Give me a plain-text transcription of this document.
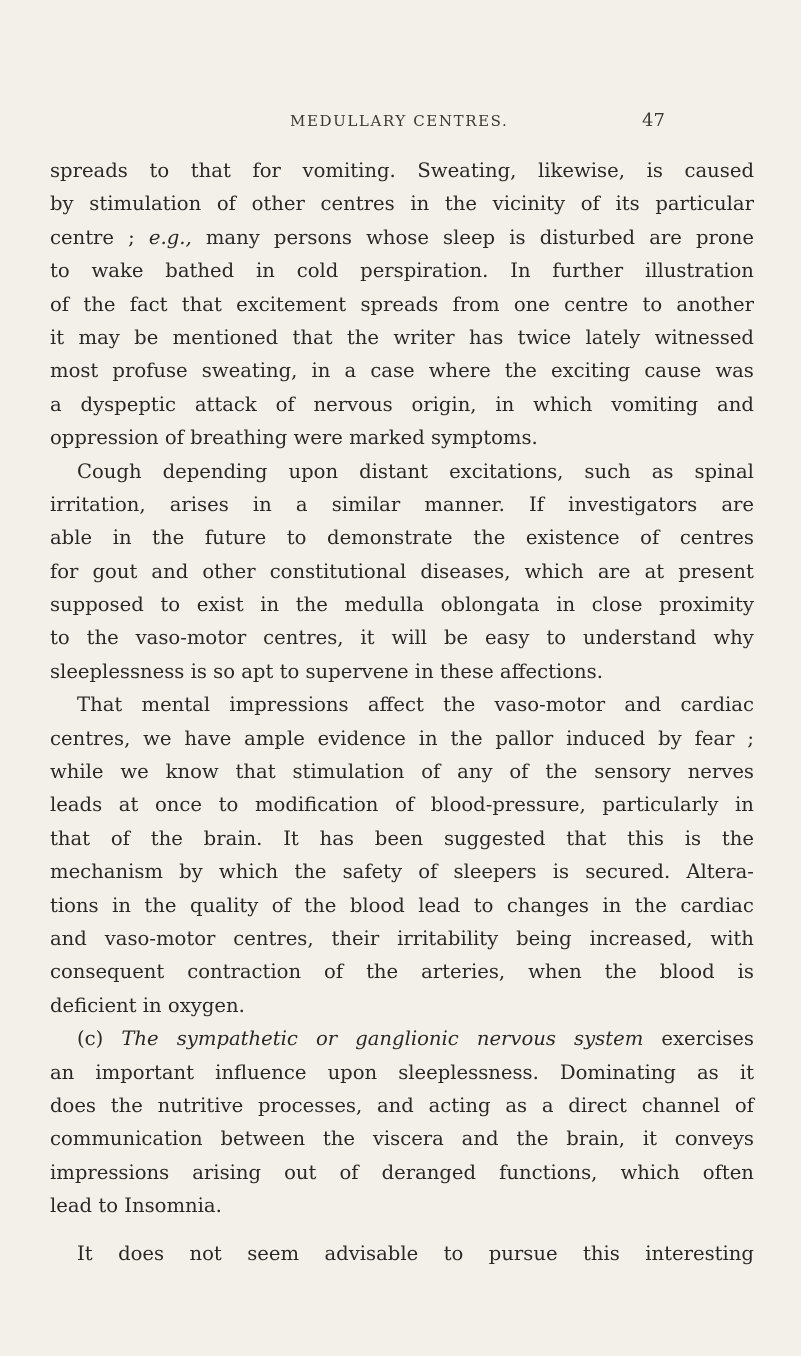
MEDULLARY CENTRES.	47
spreads to that for vomiting. Sweating, likewise, is caused
by stimulation of other centres in the vicinity of its particular
centre ; e.g., many persons whose sleep is disturbed are prone
to wake bathed in cold perspiration. In further illustration
of the fact that excitement spreads from one centre to another
it may be mentioned that the writer has twice lately witnessed
most profuse sweating, in a case where the exciting cause was
a dyspeptic attack of nervous origin, in which vomiting and
oppression
of
breathing
were
marked
symptoms.
Cough depending upon distant excitations, such as spinal
irritation, arises in a similar manner. If investigators are
able in the future to demonstrate the existence of centres
for gout and other constitutional diseases, which are at present
supposed to exist in the medulla oblongata in close proximity
to the vaso-motor centres, it will be easy to understand why
sleeplessness
is
so
apt
to
supervene
in
these
affections.
That mental impressions affect the vaso-motor and cardiac
centres, we have ample evidence in the pallor induced by fear ;
while we know that stimulation of any of the sensory nerves
leads at once to modification of blood-pressure, particularly in
that of the brain. It has been suggested that this is the
mechanism by which the safety of sleepers is secured. Altera-
tions in the quality of the blood lead to changes in the cardiac
and vaso-motor centres, their irritability being increased, with
consequent contraction of the arteries, when the blood is
deficient
in
oxygen.
(c) The sympathetic or ganglionic nervous system exercises
an important influence upon sleeplessness. Dominating as it
does the nutritive processes, and acting as a direct channel of
communication between the viscera and the brain, it conveys
impressions arising out of deranged functions, which often
lead
to
Insomnia.
It does not seem advisable to pursue this interesting
